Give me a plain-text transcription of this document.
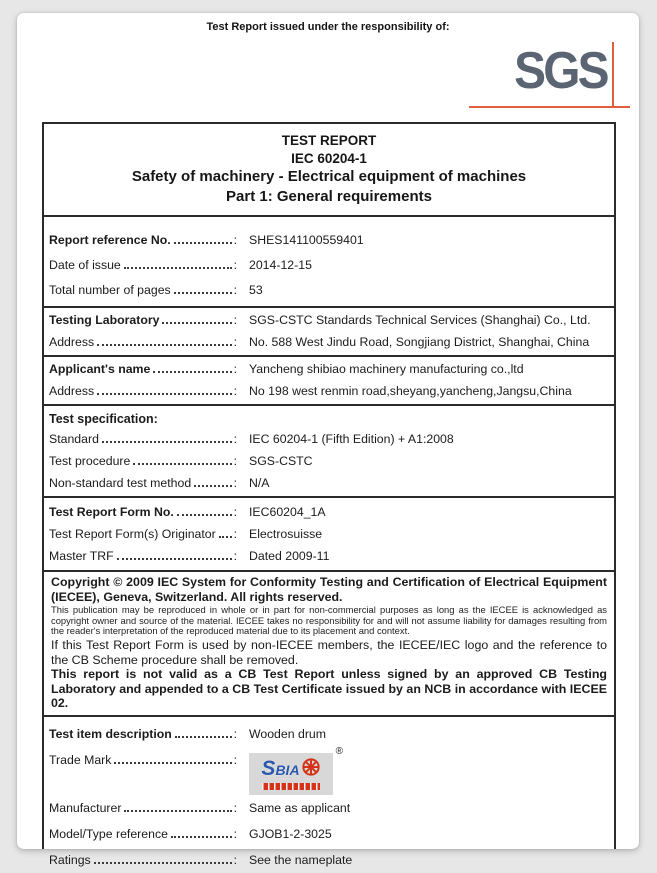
Test Report issued under the responsibility of:
SGS
TEST REPORT
IEC 60204-1
Safety of machinery - Electrical equipment of machines
Part 1: General requirements
Report reference No.	: SHES141100559401
Date of issue	: 2014-12-15
Total number of pages	: 53
Testing Laboratory	: SGS-CSTC Standards Technical Services (Shanghai) Co., Ltd.
Address	: No. 588 West Jindu Road, Songjiang District, Shanghai, China
Applicant's name	: Yancheng shibiao machinery manufacturing co.,ltd
Address	: No 198 west renmin road,sheyang,yancheng,Jangsu,China
Test specification:
Standard	: IEC 60204-1 (Fifth Edition) + A1:2008
Test procedure	: SGS-CSTC
Non-standard test method	: N/A
Test Report Form No.	: IEC60204_1A
Test Report Form(s) Originator : Electrosuisse
Master TRF	: Dated 2009-11
Copyright © 2009 IEC System for Conformity Testing and Certification of Electrical Equipment (IECEE), Geneva, Switzerland. All rights reserved.
This publication may be reproduced in whole or in part for non-commercial purposes as long as the IECEE is acknowledged as copyright owner and source of the material. IECEE takes no responsibility for and will not assume liability for damages resulting from the reader's interpretation of the reproduced material due to its placement and context.
If this Test Report Form is used by non-IECEE members, the IECEE/IEC logo and the reference to the CB Scheme procedure shall be removed.
This report is not valid as a CB Test Report unless signed by an approved CB Testing Laboratory and appended to a CB Test Certificate issued by an NCB in accordance with IECEE 02.
Test item description	: Wooden drum
Trade Mark	: SBIA
®
Manufacturer	: Same as applicant
Model/Type reference	: GJOB1-2-3025
Ratings	: See the nameplate
